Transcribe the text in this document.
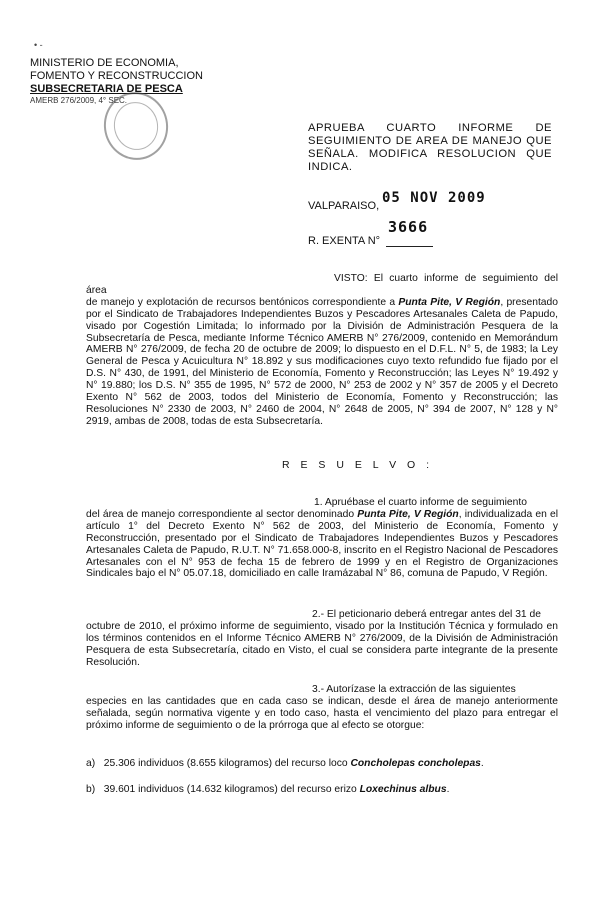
• -
MINISTERIO DE ECONOMIA,
FOMENTO Y RECONSTRUCCION
SUBSECRETARIA DE PESCA
AMERB 276/2009, 4° SEC.
APRUEBA CUARTO INFORME DE SEGUIMIENTO DE AREA DE MANEJO QUE SEÑALA. MODIFICA RESOLUCION QUE INDICA.
VALPARAISO, 05 NOV 2009
3666
R. EXENTA N°
VISTO: El cuarto informe de seguimiento del área
de manejo y explotación de recursos bentónicos correspondiente a Punta Pite, V Región, presentado por el Sindicato de Trabajadores Independientes Buzos y Pescadores Artesanales Caleta de Papudo, visado por Cogestión Limitada; lo informado por la División de Administración Pesquera de la Subsecretaría de Pesca, mediante Informe Técnico AMERB N° 276/2009, contenido en Memorándum AMERB N° 276/2009, de fecha 20 de octubre de 2009; lo dispuesto en el D.F.L. N° 5, de 1983; la Ley General de Pesca y Acuicultura N° 18.892 y sus modificaciones cuyo texto refundido fue fijado por el D.S. N° 430, de 1991, del Ministerio de Economía, Fomento y Reconstrucción; las Leyes N° 19.492 y N° 19.880; los D.S. N° 355 de 1995, N° 572 de 2000, N° 253 de 2002 y N° 357 de 2005 y el Decreto Exento N° 562 de 2003, todos del Ministerio de Economía, Fomento y Reconstrucción; las Resoluciones N° 2330 de 2003, N° 2460 de 2004, N° 2648 de 2005, N° 394 de 2007, N° 128 y N° 2919, ambas de 2008, todas de esta Subsecretaría.
R E S U E L V O :
1. Apruébase el cuarto informe de seguimiento
del área de manejo correspondiente al sector denominado Punta Pite, V Región, individualizada en el artículo 1° del Decreto Exento N° 562 de 2003, del Ministerio de Economía, Fomento y Reconstrucción, presentado por el Sindicato de Trabajadores Independientes Buzos y Pescadores Artesanales Caleta de Papudo, R.U.T. N° 71.658.000-8, inscrito en el Registro Nacional de Pescadores Artesanales con el N° 953 de fecha 15 de febrero de 1999 y en el Registro de Organizaciones Sindicales bajo el N° 05.07.18, domiciliado en calle Iramázabal N° 86, comuna de Papudo, V Región.
2.- El peticionario deberá entregar antes del 31 de
octubre de 2010, el próximo informe de seguimiento, visado por la Institución Técnica y formulado en los términos contenidos en el Informe Técnico AMERB N° 276/2009, de la División de Administración Pesquera de esta Subsecretaría, citado en Visto, el cual se considera parte integrante de la presente Resolución.
3.- Autorízase la extracción de las siguientes
especies en las cantidades que en cada caso se indican, desde el área de manejo anteriormente señalada, según normativa vigente y en todo caso, hasta el vencimiento del plazo para entregar el próximo informe de seguimiento o de la prórroga que al efecto se otorgue:
a) 25.306 individuos (8.655 kilogramos) del recurso loco Concholepas concholepas.
b) 39.601 individuos (14.632 kilogramos) del recurso erizo Loxechinus albus.
